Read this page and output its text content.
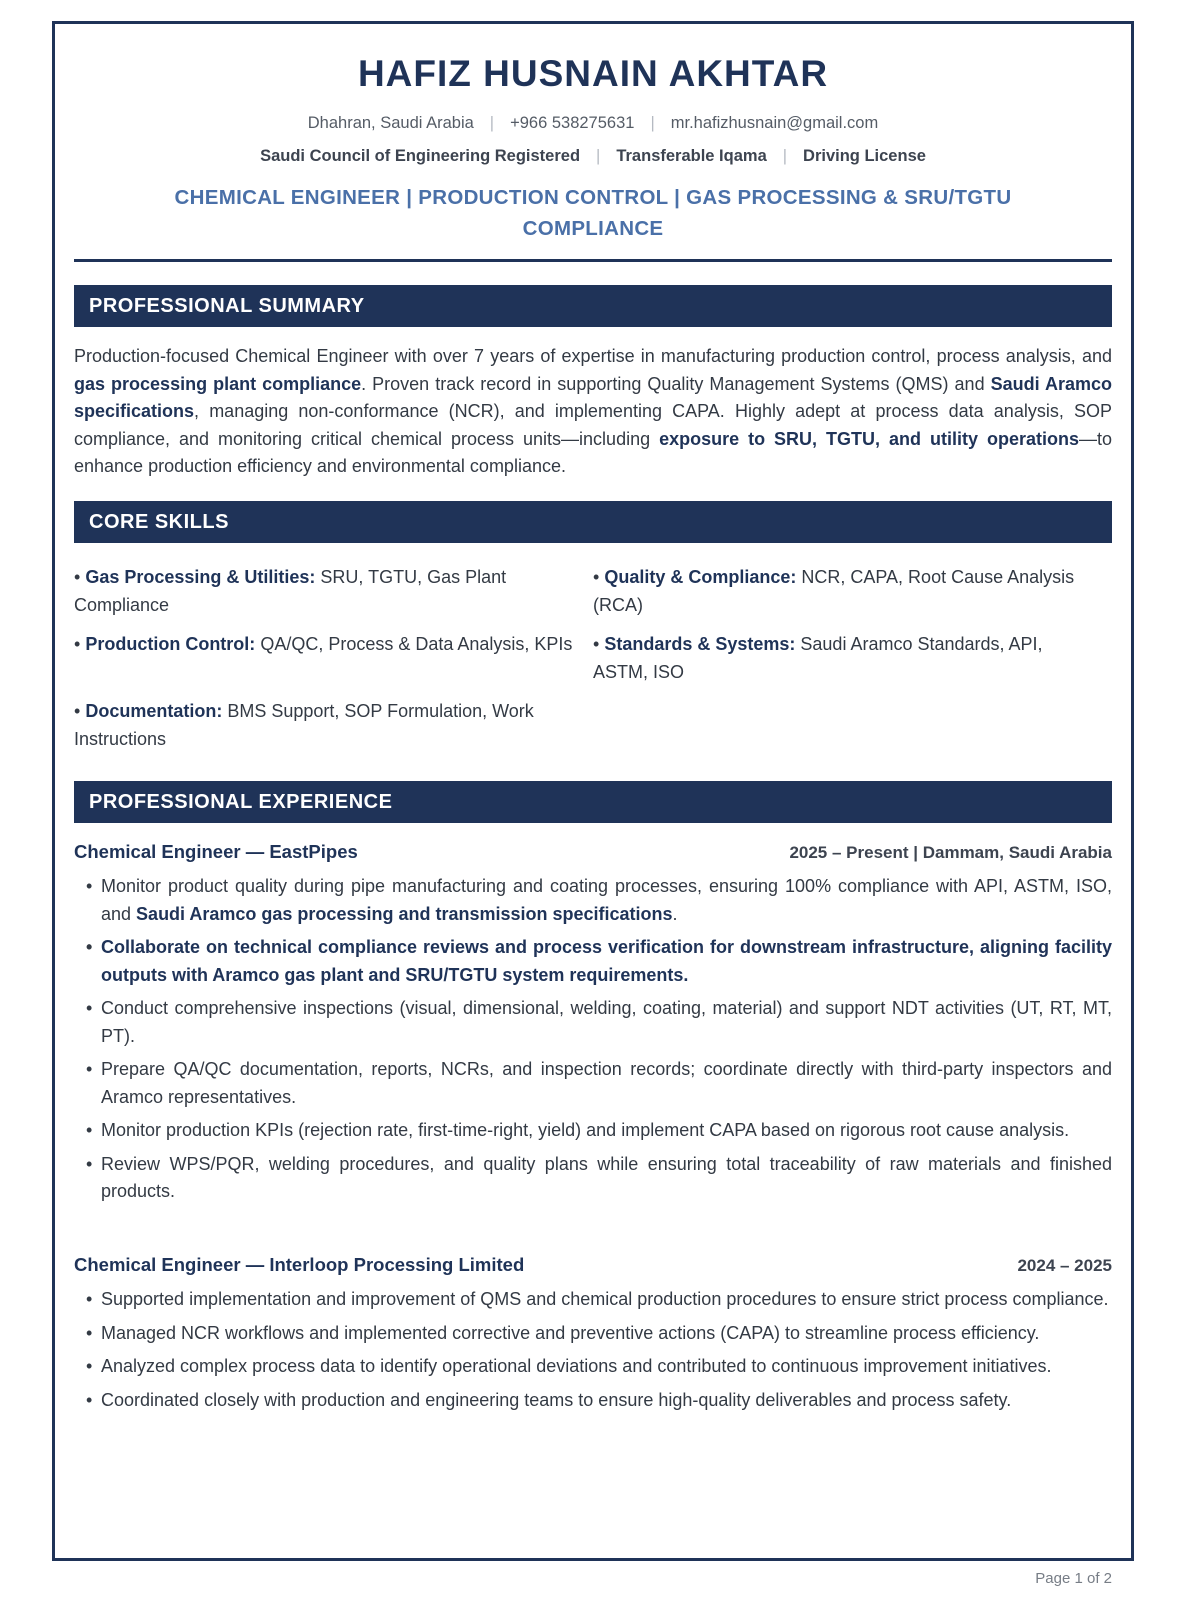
HAFIZ HUSNAIN AKHTAR
Dhahran, Saudi Arabia | +966 538275631 | mr.hafizhusnain@gmail.com
Saudi Council of Engineering Registered | Transferable Iqama | Driving License
CHEMICAL ENGINEER | PRODUCTION CONTROL | GAS PROCESSING & SRU/TGTU COMPLIANCE
PROFESSIONAL SUMMARY
Production-focused Chemical Engineer with over 7 years of expertise in manufacturing production control, process analysis, and gas processing plant compliance. Proven track record in supporting Quality Management Systems (QMS) and Saudi Aramco specifications, managing non-conformance (NCR), and implementing CAPA. Highly adept at process data analysis, SOP compliance, and monitoring critical chemical process units—including exposure to SRU, TGTU, and utility operations—to enhance production efficiency and environmental compliance.
CORE SKILLS
• Gas Processing & Utilities: SRU, TGTU, Gas Plant Compliance
• Quality & Compliance: NCR, CAPA, Root Cause Analysis (RCA)
• Production Control: QA/QC, Process & Data Analysis, KPIs • Standards & Systems: Saudi Aramco Standards, API, ASTM, ISO
• Documentation: BMS Support, SOP Formulation, Work Instructions
PROFESSIONAL EXPERIENCE
Chemical Engineer — EastPipes	2025 – Present | Dammam, Saudi Arabia
• Monitor product quality during pipe manufacturing and coating processes, ensuring 100% compliance with API, ASTM, ISO, and Saudi Aramco gas processing and transmission specifications.
• Collaborate on technical compliance reviews and process verification for downstream infrastructure, aligning facility outputs with Aramco gas plant and SRU/TGTU system requirements.
• Conduct comprehensive inspections (visual, dimensional, welding, coating, material) and support NDT activities (UT, RT, MT, PT).
• Prepare QA/QC documentation, reports, NCRs, and inspection records; coordinate directly with third-party inspectors and Aramco representatives.
• Monitor production KPIs (rejection rate, first-time-right, yield) and implement CAPA based on rigorous root cause analysis.
• Review WPS/PQR, welding procedures, and quality plans while ensuring total traceability of raw materials and finished products.
Chemical Engineer — Interloop Processing Limited	2024 – 2025
• Supported implementation and improvement of QMS and chemical production procedures to ensure strict process compliance.
• Managed NCR workflows and implemented corrective and preventive actions (CAPA) to streamline process efficiency.
• Analyzed complex process data to identify operational deviations and contributed to continuous improvement initiatives.
• Coordinated closely with production and engineering teams to ensure high-quality deliverables and process safety.
Page 1 of 2
